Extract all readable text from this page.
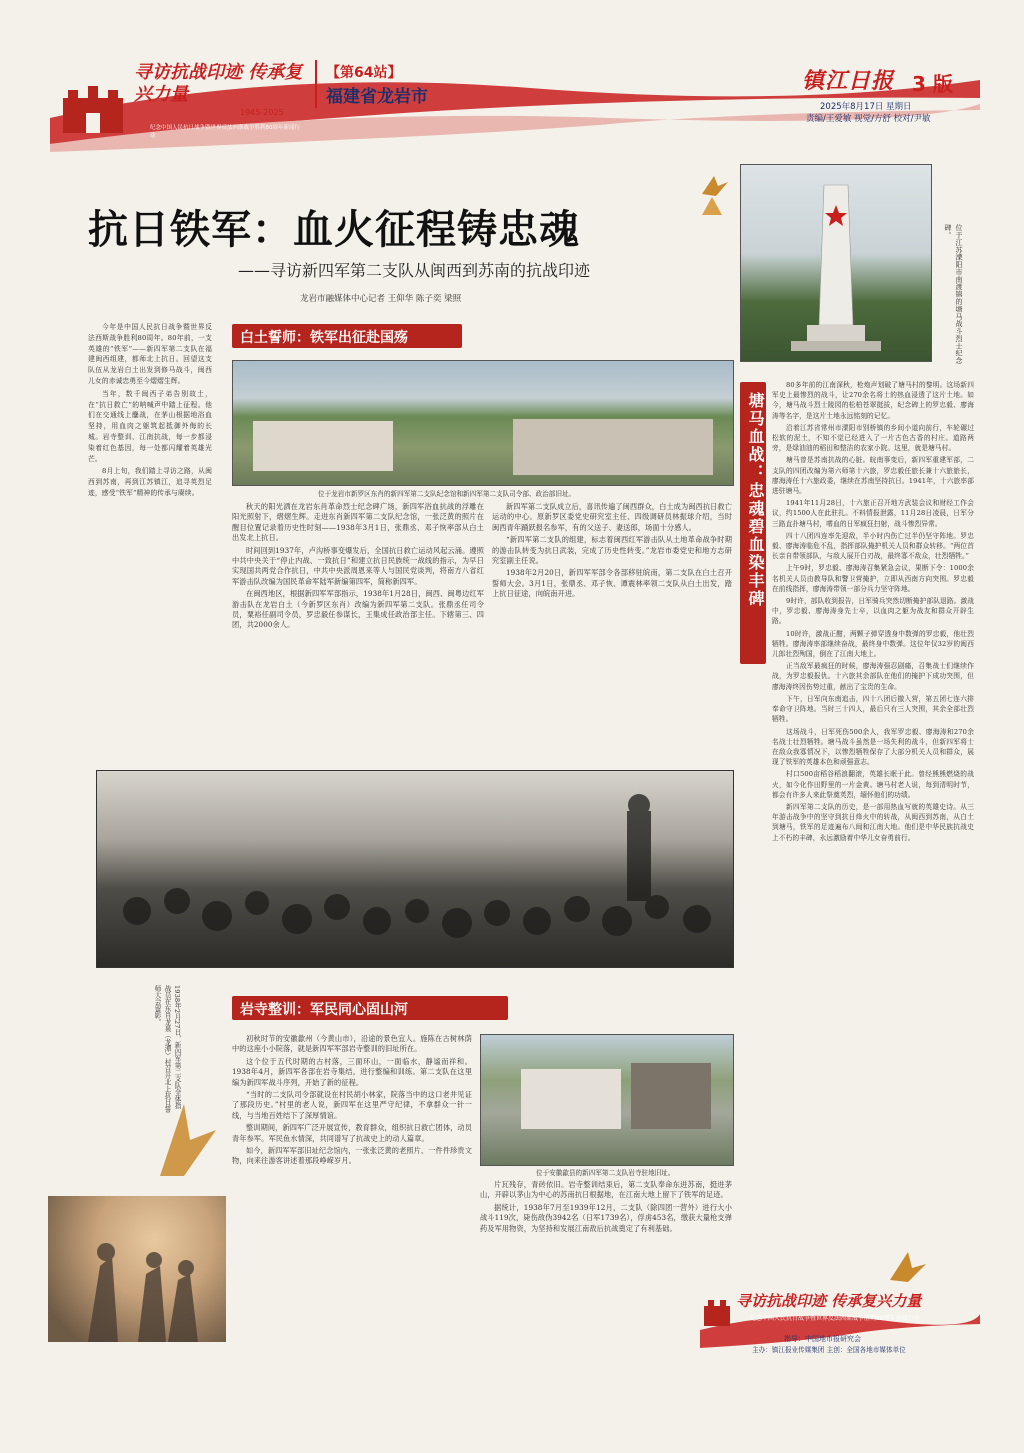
寻访抗战印迹 传承复兴力量
1945-2025
纪念中国人民抗日战争暨世界反法西斯战争胜利80周年新闻行动
【第64站】
福建省龙岩市
镇江日报 3 版
2025年8月17日 星期日
责编/王爱敏 视觉/方舒 校对/尹敏
抗日铁军：血火征程铸忠魂
——寻访新四军第二支队从闽西到苏南的抗战印迹
龙岩市融媒体中心记者 王仰华 陈子奕 梁照

今年是中国人民抗日战争暨世界反法西斯战争胜利80周年。80年前，一支英雄的“铁军”——新四军第二支队在福建闽西组建，都师北上抗日。回望这支队伍从龙岩白土出发到修马战斗，闽西儿女的赤诚忠勇至今熠熠生辉。

当年，数千闽西子弟告别故土，在“抗日救亡”的呐喊声中踏上征程。他们在交通线上鏖战，在茅山根据地浴血坚持，用血肉之躯筑起抵御外侮的长城。岩寺整训、江南抗战，每一步都浸染着红色基因，每一处都闪耀着英雄光芒。

8月上旬，我们踏上寻访之路，从闽西到苏南，再到江苏镇江，追寻英烈足迹，感受“铁军”精神的传承与赓续。

白土誓师：铁军出征赴国殇
位于龙岩市新罗区东肖的新四军第二支队纪念馆和新四军第二支队司令部、政治部旧址。

秋天的阳光洒在龙岩东肖革命烈士纪念碑广场，新四军浴血抗战的浮雕在阳光照射下，熠熠生辉。走进东肖新四军第二支队纪念馆，一张泛黄的照片在醒目位置记录着历史性时刻——1938年3月1日，张鼎丞、邓子恢率部从白土出发北上抗日。

时间回到1937年，卢沟桥事变爆发后，全国抗日救亡运动风起云涌。遵照中共中央关于“停止内战、一致抗日”和建立抗日民族统一战线的指示，为早日实现国共两党合作抗日，中共中央派周恩来等人与国民党谈判，将南方八省红军游击队改编为国民革命军陆军新编第四军，简称新四军。

在闽西地区，根据新四军军部指示，1938年1月28日，闽西、闽粤边红军游击队在龙岩白土（今新罗区东肖）改编为新四军第二支队。张鼎丞任司令员，粟裕任副司令员，罗忠毅任参谋长，王集成任政治部主任。下辖第三、四团，共2000余人。

新四军第二支队成立后，喜讯传遍了闽西群众，白土成为闽西抗日救亡运动的中心。原新罗区委党史研究室主任、四级调研员林振球介绍，当时闽西青年踊跃报名参军，有的父送子、妻送郎，场面十分感人。

“新四军第二支队的组建，标志着闽西红军游击队从土地革命战争时期的游击队转变为抗日武装，完成了历史性转变。”龙岩市委党史和地方志研究室副主任说。

1938年2月20日，新四军军部令各部移驻皖南，第二支队在白土召开誓师大会。3月1日，张鼎丞、邓子恢、谭震林率领二支队从白土出发，踏上抗日征途，向皖南开进。

1938年2月27日，新四军第二支队全体指战员在东肖龙泉（龙潭）村召开北上抗日誓师大会留影。	岩寺整训：军民同心固山河

初秋时节的安徽歙州（今黄山市），沿途的景色宜人。施陈在古树林荫中的这座小小院落，就是新四军军部岩寺整训的旧址所在。

这个位于五代时期的古村落，三面环山，一面临水，静谧而祥和。1938年4月，新四军各部在岩寺集结，进行整编和训练。第二支队在这里编为新四军战斗序列，开始了新的征程。

“当时的二支队司令部就设在村民胡小林家，院落当中的这口老井见证了那段历史。”村里的老人说，新四军在这里严守纪律，不拿群众一针一线，与当地百姓结下了深厚情谊。

整训期间，新四军广泛开展宣传，教育群众，组织抗日救亡团体，动员青年参军。军民鱼水情深，共同谱写了抗战史上的动人篇章。

如今，新四军军部旧址纪念馆内，一张张泛黄的老照片、一件件珍贵文物，向来往游客讲述着那段峥嵘岁月。

位于安徽歙县的新四军第二支队岩寺驻地旧址。

片瓦残存，青砖依旧。岩寺整训结束后，第二支队奉命东进苏南，挺进茅山，开辟以茅山为中心的苏南抗日根据地，在江南大地上留下了铁军的足迹。

据统计，1938年7月至1939年12月，二支队（除四团一营外）进行大小战斗119次，毙伤敌伪3942名（日军1739名），俘虏453名，缴获大量枪支弹药及军用物资，为坚持和发展江南敌后抗战奠定了有利基础。

位于江苏溧阳市南渡镇的塘马战斗烈士纪念碑。
塘马血战：忠魂碧血染丰碑

80多年前的江南深秋，枪炮声划破了塘马村的黎明。这场新四军史上最惨烈的战斗，让270余名将士的热血浸透了这片土地。如今，塘马战斗烈士陵园的松柏苍翠挺拔，纪念碑上的罗忠毅、廖海涛等名字，是这片土地永远铭刻的记忆。

沿着江苏省常州市溧阳市别桥镇的乡间小道向前行，车轮碾过松软的泥土，不知不觉已经进入了一片古色古香的村庄。道路两旁，是绿油油的稻田和整洁的农家小院。这里，就是塘马村。

塘马曾是苏南抗战的心脏。皖南事变后，新四军重建军部，二支队的四团改编为第六师第十六旅，罗忠毅任旅长兼十六旅旅长，廖海涛任十六旅政委，继续在苏南坚持抗日。1941年，十六旅率部进驻塘马。

1941年11月28日，十六旅正召开地方武装会议和财经工作会议，约1500人在此驻扎。不料情报泄露，11月28日凌晨，日军分三路直扑塘马村，嗜血的日军疯狂扫射，战斗惨烈异常。

四十八团四连率先迎敌，半小时内伤亡过半仍坚守阵地。罗忠毅、廖海涛临危不乱，指挥部队掩护机关人员和群众转移。“两位首长亲自带领部队，与敌人展开白刃战，最终寡不敌众，壮烈牺牲。”

上午9时，罗忠毅、廖海涛召集紧急会议，果断下令：1000余名机关人员由教导队和警卫营掩护，立即从西南方向突围。罗忠毅在前线指挥，廖海涛带领一部分兵力坚守阵地。

9时许，部队收到报告，日军骑兵突然切断掩护部队退路。激战中，罗忠毅、廖海涛身先士卒，以血肉之躯为战友和群众开辟生路。

10时许，激战正酣，两颗子弹穿透身中数弹的罗忠毅，他壮烈牺牲。廖海涛率部继续奋战，最终身中数弹。这位年仅32岁的闽西儿郎壮烈殉国，倒在了江南大地上。

正当敌军最疯狂的时候，廖海涛强忍剧痛，召集战士们继续作战，为罗忠毅报仇。十六旅其余部队在他们的掩护下成功突围，但廖海涛终因伤势过重，献出了宝贵的生命。

下午，日军向东南追击，四十八团后撤入营，第五团七连六排奉命守卫阵地。当时三十四人，最后只有三人突围，其余全部壮烈牺牲。

这场战斗，日军死伤500余人，我军罗忠毅、廖海涛和270余名战士壮烈牺牲。塘马战斗虽然是一场失利的战斗，但新四军将士在敌众我寡情况下，以惨烈牺牲保存了大部分机关人员和群众，展现了铁军的英雄本色和顽强意志。

村口500亩稻谷稻浪翻滚，英雄长眠于此。曾经熊熊燃烧的战火，如今化作田野里的一片金黄。塘马村老人说，每到清明时节，都会有许多人来此祭奠英烈，缅怀他们的功绩。

新四军第二支队的历史，是一部用热血写就的英雄史诗。从三年游击战争中的坚守到抗日烽火中的转战，从闽西到苏南，从白土到塘马，铁军的足迹遍布八闽和江南大地。他们是中华民族抗战史上不朽的丰碑，永远激励着中华儿女奋勇前行。

寻访抗战印迹 传承复兴力量
纪念中国人民抗日战争暨世界反法西斯战争胜利80周年新闻行动
指导：中国地市报研究会
主办：镇江报业传媒集团 主创：全国各地市媒体单位
